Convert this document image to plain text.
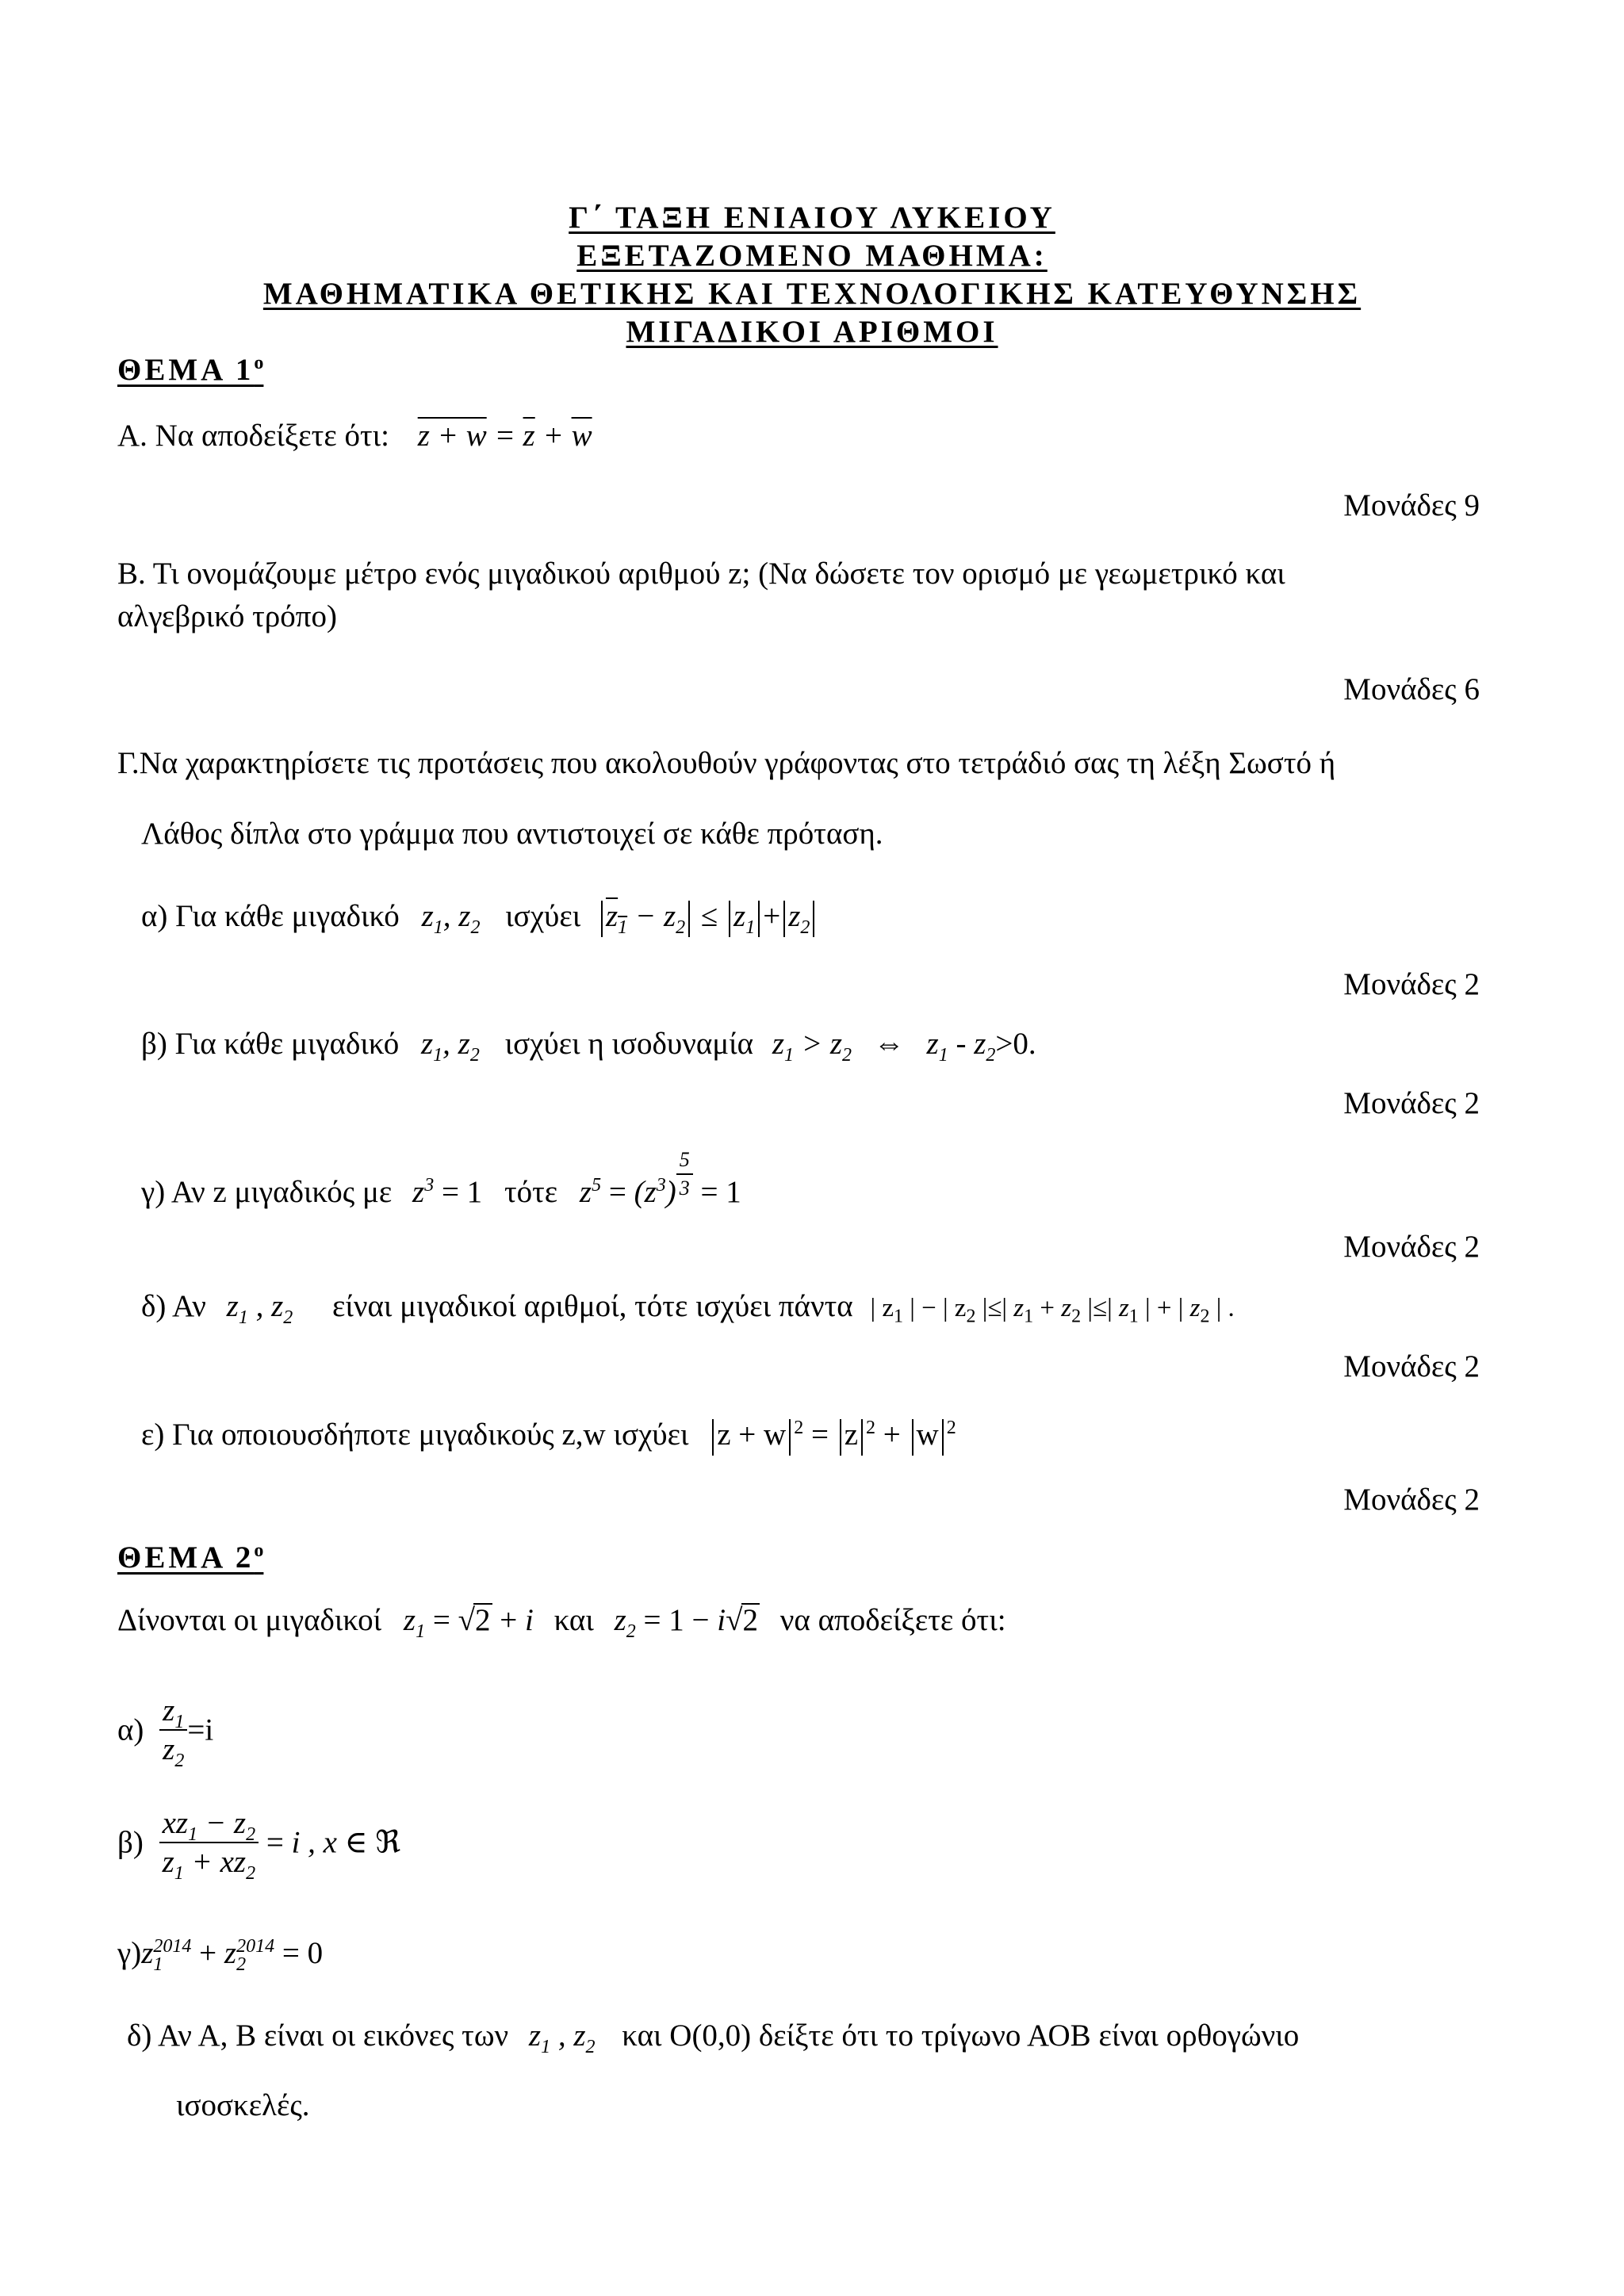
Γ΄ ΤΑΞΗ ΕΝΙΑΙΟΥ ΛΥΚΕΙΟΥ
ΕΞΕΤΑΖΟΜΕΝΟ ΜΑΘΗΜΑ:
ΜΑΘΗΜΑΤΙΚΑ ΘΕΤΙΚΗΣ ΚΑΙ ΤΕΧΝΟΛΟΓΙΚΗΣ ΚΑΤΕΥΘΥΝΣΗΣ
ΜΙΓΑΔΙΚΟΙ ΑΡΙΘΜΟΙ
ΘΕΜΑ $1^o$
Α. Να αποδείξετε ότι: $z + w = \overline{z} + \overline{w}$
Μονάδες 9
Β. Τι ονομάζουμε μέτρο ενός μιγαδικού αριθμού z; (Να δώσετε τον ορισμό με γεωμετρικό και
αλγεβρικό τρόπο)
Μονάδες 6
Γ.Να χαρακτηρίσετε τις προτάσεις που ακολουθούν γράφοντας στο τετράδιό σας τη λέξη Σωστό ή
Λάθος δίπλα στο γράμμα που αντιστοιχεί σε κάθε πρόταση.
α) Για κάθε μιγαδικό $z_1$, $z_2$ ισχύει $z_1 - z_2 \le z_1 + z_2$
Μονάδες 2
β) Για κάθε μιγαδικό $z_1$, $z_2$ ισχύει η ισοδυναμία $z_1 > z_2$ ⇔ $z_1 - z_2>0$.
Μονάδες 2
γ) Αν z μιγαδικός με $z^3 = 1$ τότε $z^5 = (z^3) \frac{5}{3} = 1$
Μονάδες 2
δ) Αν $z_1$ , $z_2$ είναι μιγαδικοί αριθμοί, τότε ισχύει πάντα | $z_1$ | − | $z_2$ |≤| $z_1 + z_2$ |≤| $z_1$ | + | $z_2$ | .
Μονάδες 2
ε) Για οποιουσδήποτε μιγαδικούς z,w ισχύει z + w $^2$ = z $^2$ + w $^2$
Μονάδες 2
ΘΕΜΑ $2^o$
Δίνονται οι μιγαδικοί $z_1 = √2 + i$ και $z_2 = 1 - i√2$ να αποδείξετε ότι:
$\alpha) \frac{z_1}{z_2} =i$
$\beta) \frac{xz_1 - z_2}{z_1 + xz_2} = i$ , x ∈ ℜ
$\gamma)z_1^{2014} + z_2^{2014} = 0$
δ) Αν Α, Β είναι οι εικόνες των $z_1$ , $z_2$ και Ο(0,0) δείξτε ότι το τρίγωνο ΑΟΒ είναι ορθογώνιο
ισοσκελές.
